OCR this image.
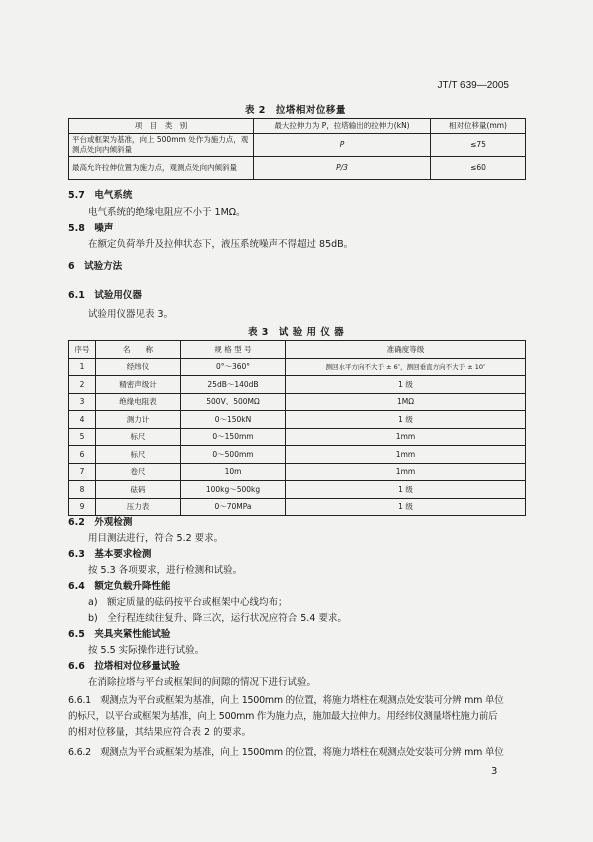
JT/T 639—2005
表 2　拉塔相对位移量
项　目　类　别	最大拉伸力为 P，拉塔输出的拉伸力(kN)	相对位移量(mm)
平台或框架为基准，向上 500mm 处作为施力点，观测点处向内倾斜量	P	≤75
最高允许拉伸位置为施力点，观测点处向内倾斜量	P/3	≤60
5.7　电气系统
电气系统的绝缘电阻应不小于 1MΩ。
5.8　噪声
在额定负荷举升及拉伸状态下，液压系统噪声不得超过 85dB。
6　试验方法
6.1　试验用仪器
试验用仪器见表 3。
表 3　试 验 用 仪 器
序号	名　　称	规 格 型 号	准确度等级
1	经纬仪	0°～360°	测回水平方向不大于 ± 6″，测回垂直方向不大于 ± 10″
2	精密声级计	25dB～140dB	1 级
3	绝缘电阻表	500V、500MΩ	1MΩ
4	测力计	0～150kN	1 级
5	标尺	0～150mm	1mm
6	标尺	0～500mm	1mm
7	卷尺	10m	1mm
8	砝码	100kg～500kg	1 级
9	压力表	0～70MPa	1 级
6.2　外观检测
用目测法进行，符合 5.2 要求。
6.3　基本要求检测
按 5.3 各项要求，进行检测和试验。
6.4　额定负载升降性能
a)　额定质量的砝码按平台或框架中心线均布；
b)　全行程连续往复升、降三次，运行状况应符合 5.4 要求。
6.5　夹具夹紧性能试验
按 5.5 实际操作进行试验。
6.6　拉塔相对位移量试验
在消除拉塔与平台或框架间的间隙的情况下进行试验。
6.6.1　观测点为平台或框架为基准，向上 1500mm 的位置，将施力塔柱在观测点处安装可分辨 mm 单位
的标尺，以平台或框架为基准，向上 500mm 作为施力点，施加最大拉伸力。用经纬仪测量塔柱施力前后
的相对位移量，其结果应符合表 2 的要求。
6.6.2　观测点为平台或框架为基准，向上 1500mm 的位置，将施力塔柱在观测点处安装可分辨 mm 单位
3
